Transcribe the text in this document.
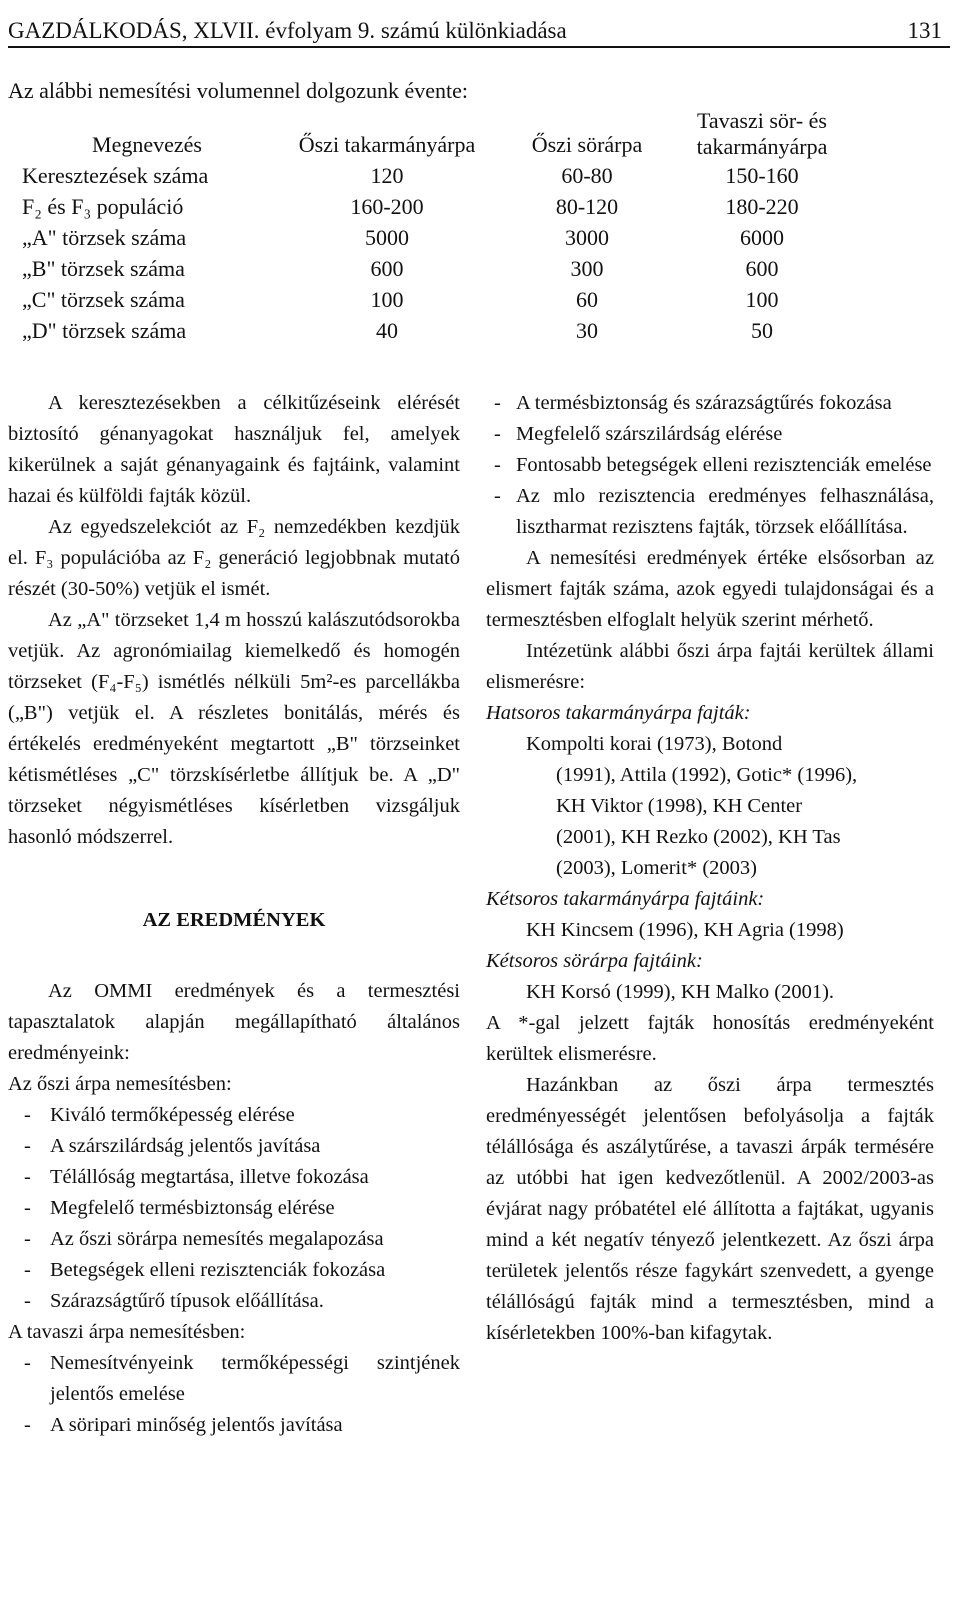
GAZDÁLKODÁS, XLVII. évfolyam 9. számú különkiadása	131
Az alábbi nemesítési volumennel dolgozunk évente:
Megnevezés	Őszi takarmányárpa	Őszi sörárpa	Tavaszi sör- és takarmányárpa
Keresztezések száma	120	60-80	150-160
F₂ és F₃ populáció	160-200	80-120	180-220
„A" törzsek száma	5000	3000	6000
„B" törzsek száma	600	300	600
„C" törzsek száma	100	60	100
„D" törzsek száma	40	30	50

A keresztezésekben a célkitűzéseink elérését biztosító génanyagokat használjuk fel, amelyek kikerülnek a saját génanyagaink és fajtáink, valamint hazai és külföldi fajták közül.

Az egyedszelekciót az F₂ nemzedékben kezdjük el. F₃ populációba az F₂ generáció legjobbnak mutató részét (30-50%) vetjük el ismét.

Az „A" törzseket 1,4 m hosszú kalászutódsorokba vetjük. Az agronómiailag kiemelkedő és homogén törzseket (F₄-F₅) ismétlés nélküli 5m²-es parcellákba („B") vetjük el. A részletes bonitálás, mérés és értékelés eredményeként megtartott „B" törzseinket kétismétléses „C" törzskísérletbe állítjuk be. A „D" törzseket négyismétléses kísérletben vizsgáljuk hasonló módszerrel.

AZ EREDMÉNYEK

Az OMMI eredmények és a termesztési tapasztalatok alapján megállapítható általános eredményeink:

Az őszi árpa nemesítésben:

- Kiváló termőképesség elérése
- A szárszilárdság jelentős javítása
- Télállóság megtartása, illetve fokozása
- Megfelelő termésbiztonság elérése
- Az őszi sörárpa nemesítés megalapozása
- Betegségek elleni rezisztenciák fokozása
- Szárazságtűrő típusok előállítása.

A tavaszi árpa nemesítésben:

- Nemesítvényeink termőképességi szintjének jelentős emelése
- A söripari minőség jelentős javítása
- A termésbiztonság és szárazságtűrés fokozása
- Megfelelő szárszilárdság elérése
- Fontosabb betegségek elleni rezisztenciák emelése
- Az mlo rezisztencia eredményes felhasználása, lisztharmat rezisztens fajták, törzsek előállítása.

A nemesítési eredmények értéke elsősorban az elismert fajták száma, azok egyedi tulajdonságai és a termesztésben elfoglalt helyük szerint mérhető.

Intézetünk alábbi őszi árpa fajtái kerültek állami elismerésre:

Hatsoros takarmányárpa fajták:

Kompolti korai (1973), Botond
(1991), Attila (1992), Gotic* (1996),
KH Viktor (1998), KH Center
(2001), KH Rezko (2002), KH Tas
(2003), Lomerit* (2003)

Kétsoros takarmányárpa fajtáink:

KH Kincsem (1996), KH Agria (1998)

Kétsoros sörárpa fajtáink:

KH Korsó (1999), KH Malko (2001).

A *-gal jelzett fajták honosítás eredményeként kerültek elismerésre.

Hazánkban az őszi árpa termesztés eredményességét jelentősen befolyásolja a fajták télállósága és aszálytűrése, a tavaszi árpák termésére az utóbbi hat igen kedvezőtlenül. A 2002/2003-as évjárat nagy próbatétel elé állította a fajtákat, ugyanis mind a két negatív tényező jelentkezett. Az őszi árpa területek jelentős része fagykárt szenvedett, a gyenge télállóságú fajták mind a termesztésben, mind a kísérletekben 100%-ban kifagytak.
